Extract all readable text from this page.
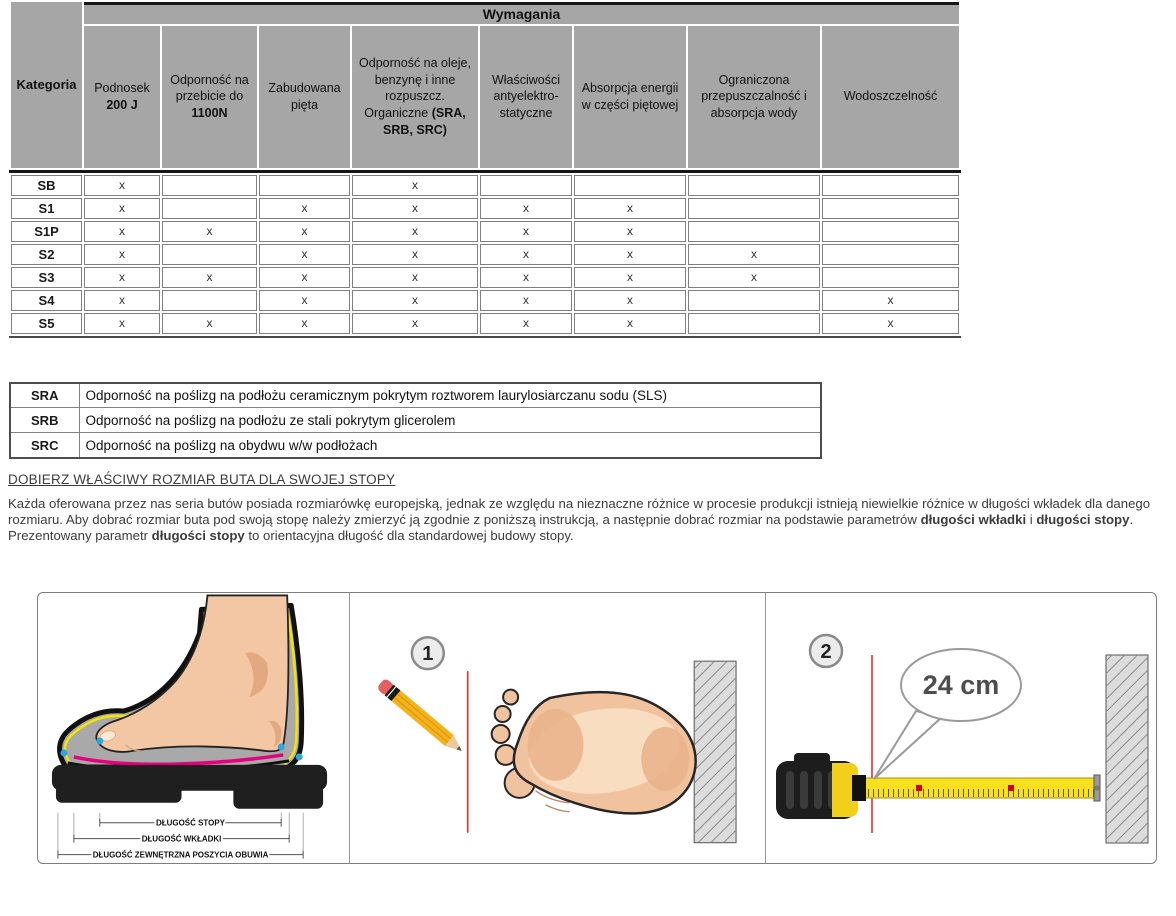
Kategoria	Wymagania							
	Podnosek 200 J	Odporność na przebicie do 1100N	Zabudowana pięta	Odporność na oleje, benzynę i inne rozpuszcz. Organiczne (SRA, SRB, SRC)	Właściwości antyelektro-statyczne	Absorpcja energii w części piętowej	Ograniczona przepuszczalność i absorpcja wody	Wodoszczelność
SB	x			x				
S1	x		x	x	x	x		
S1P	x	x	x	x	x	x		
S2	x		x	x	x	x	x	
S3	x	x	x	x	x	x	x	
S4	x		x	x	x	x		x
S5	x	x	x	x	x	x		x
SRA	Odporność na poślizg na podłożu ceramicznym pokrytym roztworem laurylosiarczanu sodu (SLS)
SRB	Odporność na poślizg na podłożu ze stali pokrytym glicerolem
SRC	Odporność na poślizg na obydwu w/w podłożach
DOBIERZ WŁAŚCIWY ROZMIAR BUTA DLA SWOJEJ STOPY

Każda oferowana przez nas seria butów posiada rozmiarówkę europejską, jednak ze względu na nieznaczne różnice w procesie produkcji istnieją niewielkie różnice w długości wkładek dla danego rozmiaru. Aby dobrać rozmiar buta pod swoją stopę należy zmierzyć ją zgodnie z poniższą instrukcją, a następnie dobrać rozmiar na podstawie parametrów długości wkładki i długości stopy. Prezentowany parametr długości stopy to orientacyjna długość dla standardowej budowy stopy.

DŁUGOŚĆ STOPY
DŁUGOŚĆ WKŁADKI
DŁUGOŚĆ ZEWNĘTRZNA POSZYCIA OBUWIA
1	2
24 cm
